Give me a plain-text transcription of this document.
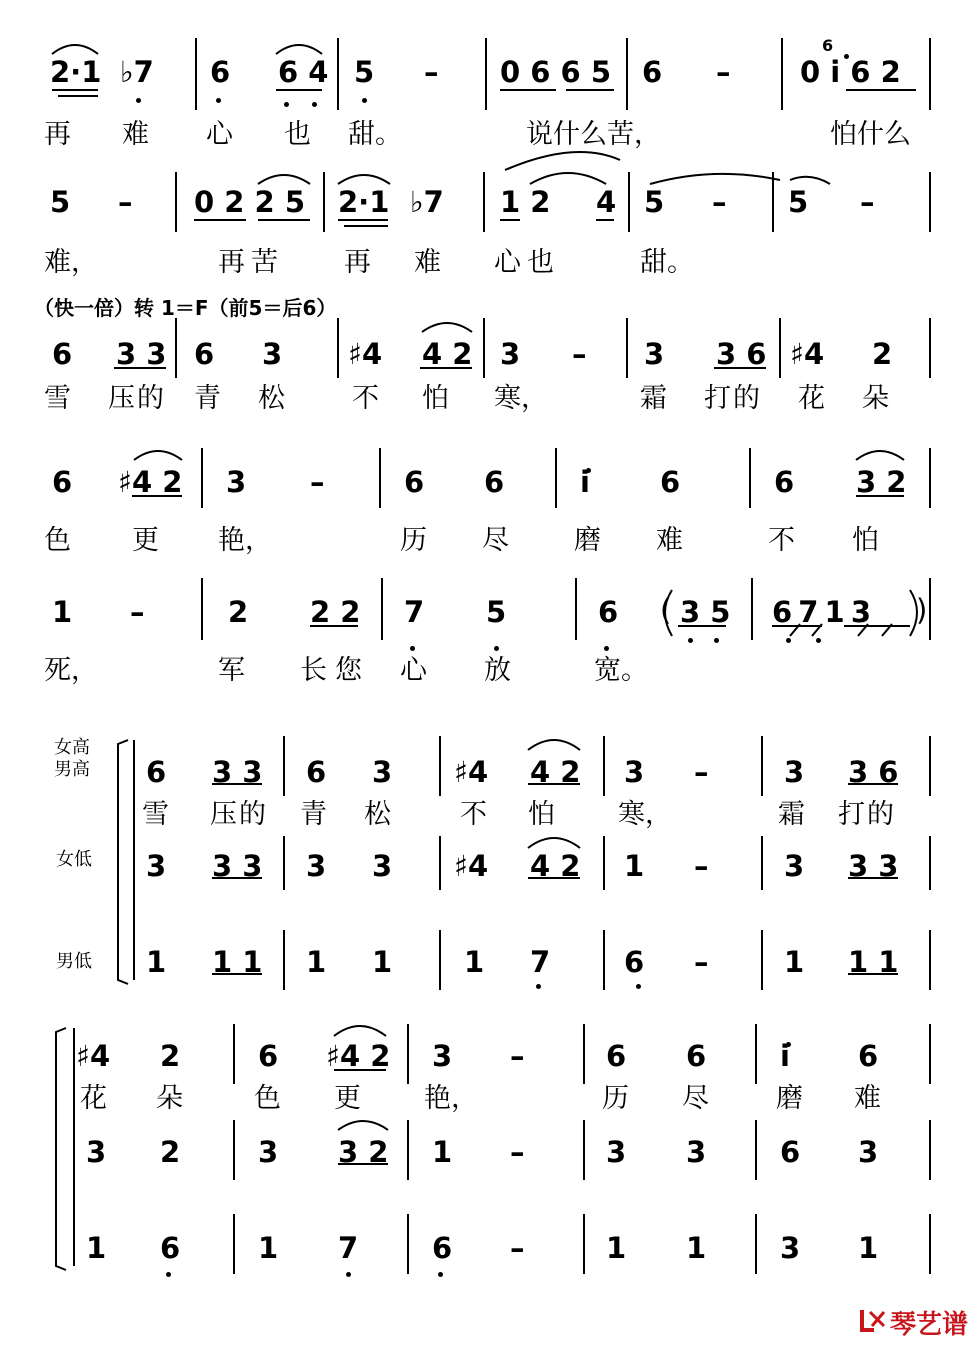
2·1 ♭7 6 6 4 5 – 0 6 6 5 6 – 0 i 6 2
6
再 难 心 也 甜。	说什么苦，	怕什么
5 – 0 2 2 5 2·1 ♭7 1 2 4 5 – 5 –
难，	再苦 再 难 心也	甜。
（快一倍）转 1＝F（前5＝后6）
6 3 3 6 3 ♯4 4 2 3 – 3 3 6 ♯4 2
雪 压的 青 松 不 怕 寒，	霜 打的 花 朵
6 ♯4 2 3 –	6 6	i 6	6 3 2
色 更 艳，	历 尽 磨 难	不 怕
1 –	2 2 2 7 5	6 ( 3 5 6 7 1 3 )
死，	军 长您 心 放	宽。
女高
男高
女低
男低
6 3 3 6 3 ♯4 4 2 3 –	3 3 6
雪 压的 青 松	不 怕 寒，	霜 打的
3 3 3 3 3 ♯4 4 2 1 –	3 3 3
1 1 1 1 1 1 7	6 –	1 1 1
♯4 2	6 ♯4 2 3 –	6 6	i 6
花 朵	色 更 艳，	历 尽 磨 难
3 2	3 3 2 1 –	3 3	6 3
1 6	1 7	6 –	1 1	3 1
琴艺谱
